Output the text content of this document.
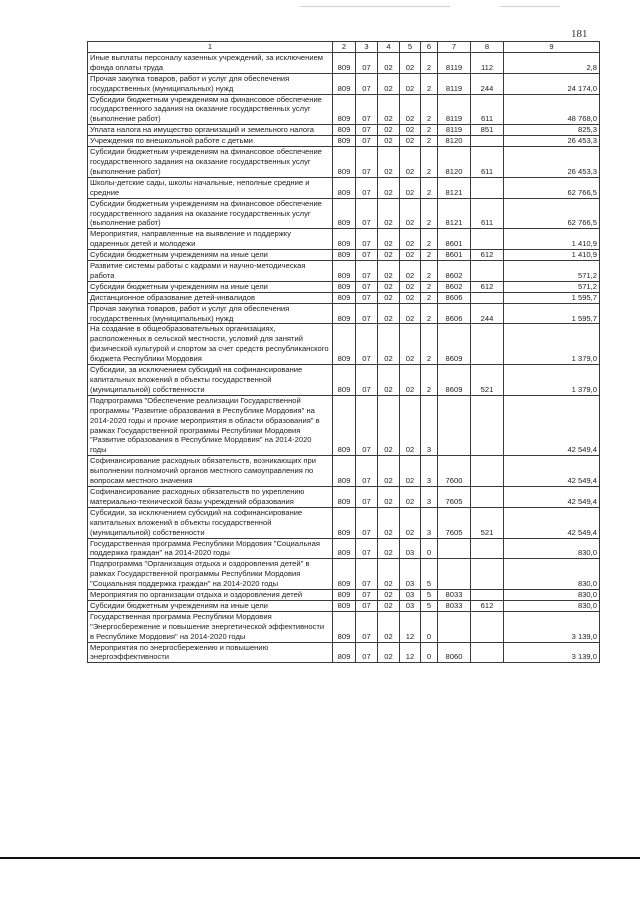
181
1	2	3	4	5	6	7	8	9
Иные выплаты персоналу казенных учреждений, за исключением фонда оплаты труда	809	07	02	02	2	8119	112	2,8
Прочая закупка товаров, работ и услуг для обеспечения государственных (муниципальных) нужд	809	07	02	02	2	8119	244	24 174,0
Субсидии бюджетным учреждениям на финансовое обеспечение государственного задания на оказание государственных услуг (выполнение работ)	809	07	02	02	2	8119	611	48 768,0
Уплата налога на имущество организаций и земельного налога	809	07	02	02	2	8119	851	825,3
Учреждения по внешкольной работе с детьми	809	07	02	02	2	8120		26 453,3
Субсидии бюджетным учреждениям на финансовое обеспечение государственного задания на оказание государственных услуг (выполнение работ)	809	07	02	02	2	8120	611	26 453,3
Школы-детские сады, школы начальные, неполные средние и средние	809	07	02	02	2	8121		62 766,5
Субсидии бюджетным учреждениям на финансовое обеспечение государственного задания на оказание государственных услуг (выполнение работ)	809	07	02	02	2	8121	611	62 766,5
Мероприятия, направленные на выявление и поддержку одаренных детей и молодежи	809	07	02	02	2	8601		1 410,9
Субсидии бюджетным учреждениям на иные цели	809	07	02	02	2	8601	612	1 410,9
Развитие системы работы с кадрами и научно-методическая работа	809	07	02	02	2	8602		571,2
Субсидии бюджетным учреждениям на иные цели	809	07	02	02	2	8602	612	571,2
Дистанционное образование детей-инвалидов	809	07	02	02	2	8606		1 595,7
Прочая закупка товаров, работ и услуг для обеспечения государственных (муниципальных) нужд	809	07	02	02	2	8606	244	1 595,7
На создание в общеобразовательных организациях, расположенных в сельской местности, условий для занятий физической культурой и спортом за счет средств республиканского бюджета Республики Мордовия	809	07	02	02	2	8609		1 379,0
Субсидии, за исключением субсидий на софинансирование капитальных вложений в объекты государственной (муниципальной) собственности	809	07	02	02	2	8609	521	1 379,0
Подпрограмма "Обеспечение реализации Государственной программы "Развитие образования в Республике Мордовия" на 2014-2020 годы и прочие мероприятия в области образования" в рамках Государственной программы Республики Мордовия "Развитие образования в Республике Мордовия" на 2014-2020 годы	809	07	02	02	3			42 549,4
Софинансирование расходных обязательств, возникающих при выполнении полномочий органов местного самоуправления по вопросам местного значения	809	07	02	02	3	7600		42 549,4
Софинансирование расходных обязательств по укреплению материально-технической базы учреждений образования	809	07	02	02	3	7605		42 549,4
Субсидии, за исключением субсидий на софинансирование капитальных вложений в объекты государственной (муниципальной) собственности	809	07	02	02	3	7605	521	42 549,4
Государственная программа Республики Мордовия "Социальная поддержка граждан" на 2014-2020 годы	809	07	02	03	0			830,0
Подпрограмма "Организация отдыха и оздоровления детей" в рамках Государственной программы Республики Мордовия "Социальная поддержка граждан" на 2014-2020 годы	809	07	02	03	5			830,0
Мероприятия по организации отдыха и оздоровления детей	809	07	02	03	5	8033		830,0
Субсидии бюджетным учреждениям на иные цели	809	07	02	03	5	8033	612	830,0
Государственная программа Республики Мордовия "Энергосбережение и повышение энергетической эффективности в Республике Мордовия" на 2014-2020 годы	809	07	02	12	0			3 139,0
Мероприятия по энергосбережению и повышению энергоэффективности	809	07	02	12	0	8060		3 139,0
